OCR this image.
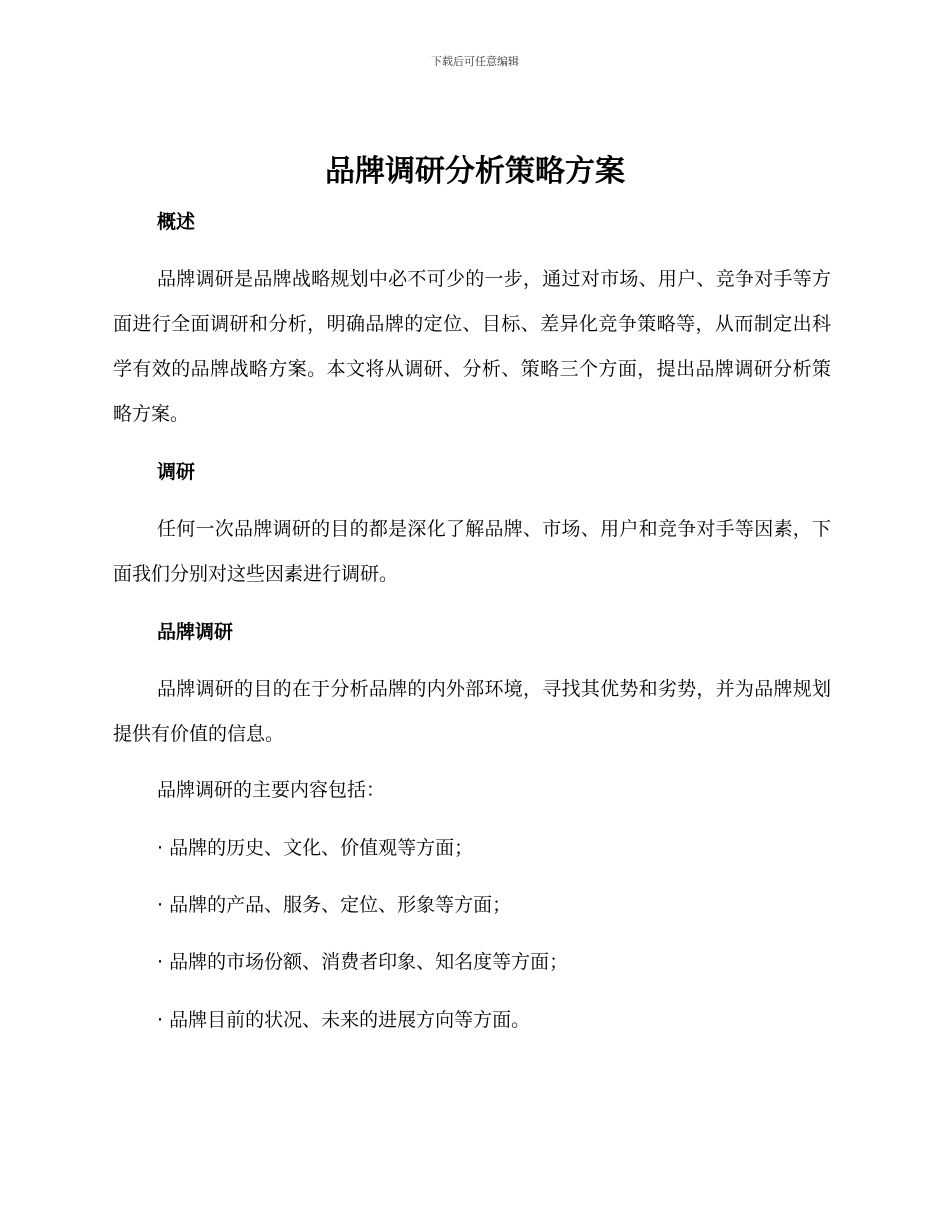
下载后可任意编辑
品牌调研分析策略方案
概述

品牌调研是品牌战略规划中必不可少的一步，通过对市场、用户、竞争对手等方面进行全面调研和分析，明确品牌的定位、目标、差异化竞争策略等，从而制定出科学有效的品牌战略方案。本文将从调研、分析、策略三个方面，提出品牌调研分析策略方案。

调研

任何一次品牌调研的目的都是深化了解品牌、市场、用户和竞争对手等因素，下面我们分别对这些因素进行调研。

品牌调研

品牌调研的目的在于分析品牌的内外部环境，寻找其优势和劣势，并为品牌规划提供有价值的信息。

品牌调研的主要内容包括：

· 品牌的历史、文化、价值观等方面；
· 品牌的产品、服务、定位、形象等方面；
· 品牌的市场份额、消费者印象、知名度等方面；
· 品牌目前的状况、未来的进展方向等方面。
